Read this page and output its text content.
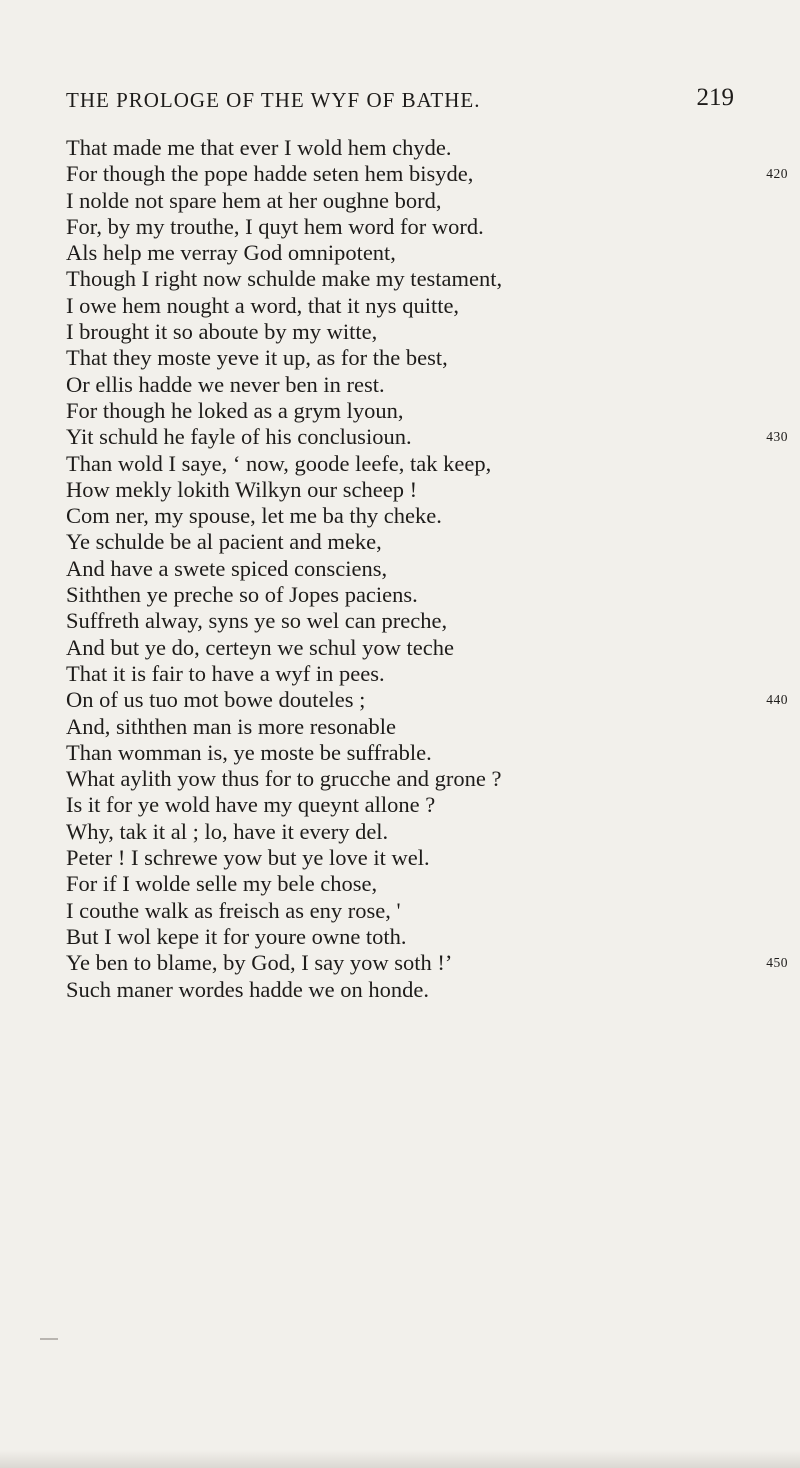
THE PROLOGE OF THE WYF OF BATHE.	219
That made me that ever I wold hem chyde.
For though the pope hadde seten hem bisyde,	420
I nolde not spare hem at her oughne bord,
For, by my trouthe, I quyt hem word for word.
Als help me verray God omnipotent,
Though I right now schulde make my testament,
I owe hem nought a word, that it nys quitte,
I brought it so aboute by my witte,
That they moste yeve it up, as for the best,
Or ellis hadde we never ben in rest.
For though he loked as a grym lyoun,
Yit schuld he fayle of his conclusioun.	430
Than wold I saye, ‘ now, goode leefe, tak keep,
How mekly lokith Wilkyn our scheep !
Com ner, my spouse, let me ba thy cheke.
Ye schulde be al pacient and meke,
And have a swete spiced consciens,
Siththen ye preche so of Jopes paciens.
Suffreth alway, syns ye so wel can preche,
And but ye do, certeyn we schul yow teche
That it is fair to have a wyf in pees.
On of us tuo mot bowe douteles ;	440
And, siththen man is more resonable
Than womman is, ye moste be suffrable.
What aylith yow thus for to grucche and grone ?
Is it for ye wold have my queynt allone ?
Why, tak it al ; lo, have it every del.
Peter ! I schrewe yow but ye love it wel.
For if I wolde selle my bele chose,
I couthe walk as freisch as eny rose, '
But I wol kepe it for youre owne toth.
Ye ben to blame, by God, I say yow soth !’	450
Such maner wordes hadde we on honde.
